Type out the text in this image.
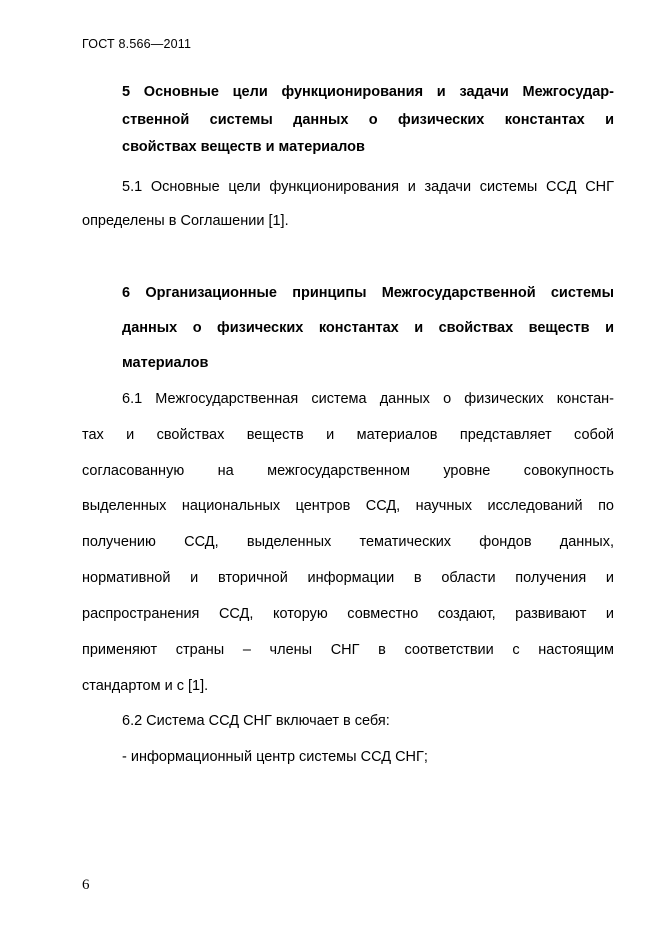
ГОСТ 8.566—2011
5 Основные цели функционирования и задачи Межгосудар-
ственной системы данных о физических константах и
свойствах веществ и материалов
5.1 Основные цели функционирования и задачи системы ССД СНГ
определены в Соглашении [1].
6 Организационные принципы Межгосударственной системы
данных о физических константах и свойствах веществ и
материалов
6.1 Межгосударственная система данных о физических констан-
тах и свойствах веществ и материалов представляет собой
согласованную на межгосударственном уровне совокупность
выделенных национальных центров ССД, научных исследований по
получению ССД, выделенных тематических фондов данных,
нормативной и вторичной информации в области получения и
распространения ССД, которую совместно создают, развивают и
применяют страны – члены СНГ в соответствии с настоящим
стандартом и с [1].
6.2 Система ССД СНГ включает в себя:
- информационный центр системы ССД СНГ;
6
